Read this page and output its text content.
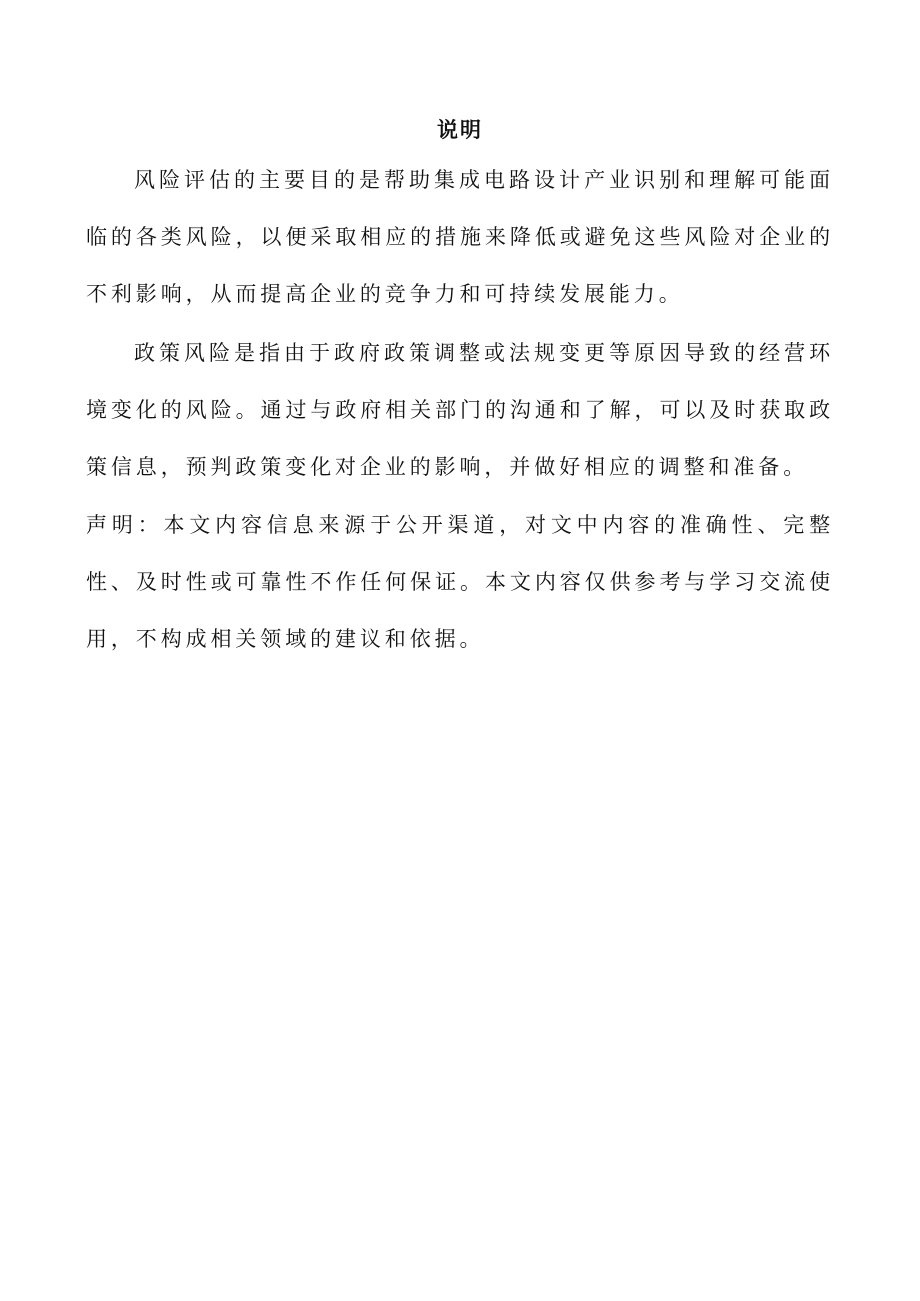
说明

风险评估的主要目的是帮助集成电路设计产业识别和理解可能面临的各类风险，以便采取相应的措施来降低或避免这些风险对企业的不利影响，从而提高企业的竞争力和可持续发展能力。

政策风险是指由于政府政策调整或法规变更等原因导致的经营环境变化的风险。通过与政府相关部门的沟通和了解，可以及时获取政策信息，预判政策变化对企业的影响，并做好相应的调整和准备。

声明：本文内容信息来源于公开渠道，对文中内容的准确性、完整性、及时性或可靠性不作任何保证。本文内容仅供参考与学习交流使用，不构成相关领域的建议和依据。
